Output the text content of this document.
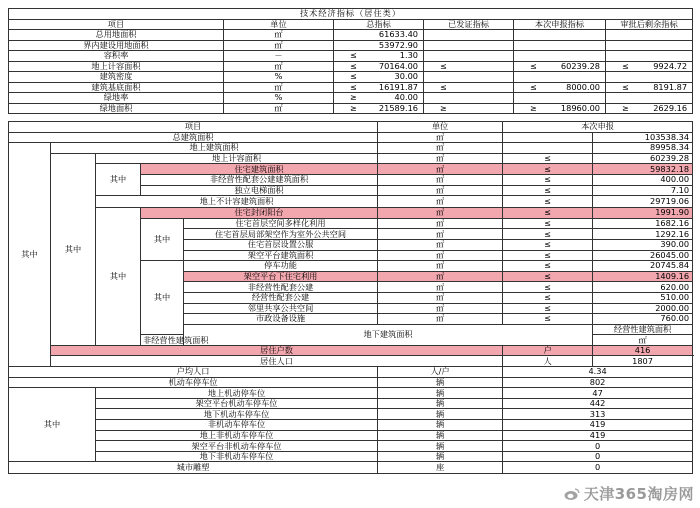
技术经济指标（居住类）					
项目	单位	总指标	已发证指标	本次申报指标	审批后剩余指标
总用地面积	㎡	61633.40			

界内建设用地面积	㎡	53972.90			

容积率	－	≤ 1.30			

地上计容面积	㎡	≤ 70164.00	≤	≤ 60239.28	≤ 9924.72

建筑密度	%	≤ 30.00			

建筑基底面积	㎡	≤ 16191.87	≤	≤ 8000.00	≤ 8191.87

绿地率	%	≥ 40.00			

绿地面积	㎡	≥ 21589.16	≥	≥ 18960.00	≥ 2629.16
项目					单位	本次申报		
总建筑面积					㎡		103538.34	
其中	地上建筑面积				㎡		89958.34	
	其中	地上计容面积			㎡	≤	60239.28	
		其中	住宅建筑面积		㎡	≤	59832.18	
			非经营性配套公建建筑面积		㎡	≤	400.00	
			独立电梯面积		㎡	≤	7.10	
		地上不计容建筑面积			㎡	≤	29719.06	
		其中	住宅封闭阳台		㎡	≤	1991.90	
			其中	住宅首层空间多样化利用	㎡	≤	1682.16	
				住宅首层局部架空作为室外公共空间	㎡	≤	1292.16	
				住宅首层设置公服	㎡	≤	390.00	
				架空平台建筑面积	㎡	≤	26045.00	
			其中	停车功能	㎡	≤	20745.84	
				架空平台下住宅利用	㎡	≤	1409.16	
				非经营性配套公建	㎡	≤	620.00	
				经营性配套公建	㎡	≤	510.00	
				邻里共享公共空间	㎡	≤	2000.00	
				市政设备设施	㎡	≤	760.00	
				地下建筑面积			经营性建筑面积			
			非经营性建筑面积				㎡		
	居住户数					户	416	
	居住人口					人	1807	
户均人口					人/户	4.34		
机动车停车位					辆	802		
其中		地上机动停车位			辆	47		
		架空平台机动车停车位			辆	442		
		地下机动车停车位			辆	313		
		非机动车停车位			辆	419		
		地上非机动车停车位			辆	419		
		架空平台非机动车停车位			辆	0		
		地下非机动车停车位			辆	0		
城市雕塑					座	0		
天津365淘房网
